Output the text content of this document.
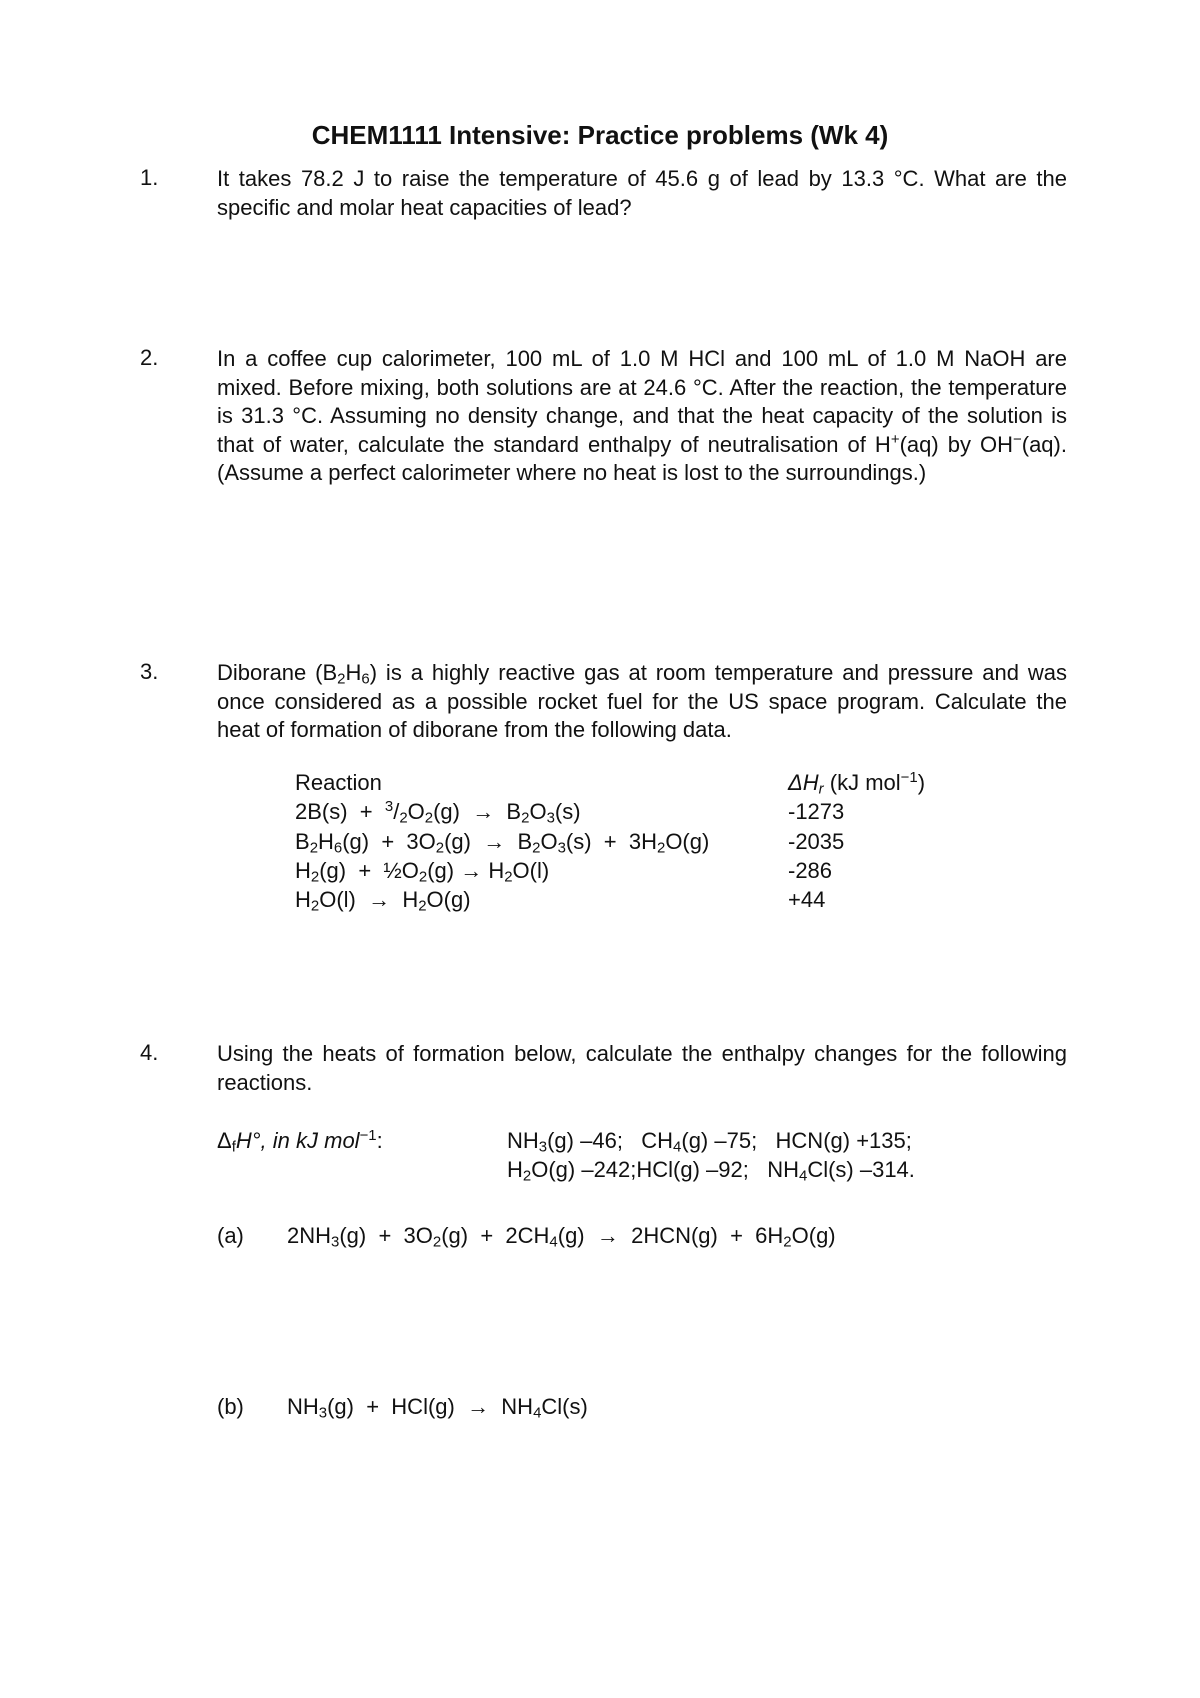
CHEM1111 Intensive: Practice problems (Wk 4)
1.	It takes 78.2 J to raise the temperature of 45.6 g of lead by 13.3 °C. What are the specific and molar heat capacities of lead?
2.	In a coffee cup calorimeter, 100 mL of 1.0 M HCl and 100 mL of 1.0 M NaOH are mixed. Before mixing, both solutions are at 24.6 °C. After the reaction, the temperature is 31.3 °C. Assuming no density change, and that the heat capacity of the solution is that of water, calculate the standard enthalpy of neutralisation of H+(aq) by OH−(aq). (Assume a perfect calorimeter where no heat is lost to the surroundings.)
3.	Diborane $(B_2H_6)$ is a highly reactive gas at room temperature and pressure and was once considered as a possible rocket fuel for the US space program. Calculate the heat of formation of diborane from the following data.
Reaction	$\Delta H_r$ (kJ mol$^{-1}$)
$2B(s) + ^3/_2O_2(g) \to B_2O_3(s)$	-1273
$B_2H_6(g) + 3O_2(g) \to B_2O_3(s) + 3H_2O(g)$	-2035
$H_2(g)$  +  $\frac{1}{2}O_2(g) \to H_2O(l)$	-286
$H_2O(l) \to H_2O(g)$	+44
4.	Using the heats of formation below, calculate the enthalpy changes for the following reactions.
$\Delta_fH^\circ$, in kJ mol$^{-1}$:	$NH_3(g)$ –46;   $CH_4(g)$ –75;   HCN(g) +135;
$H_2O(g)$ –242;HCl(g) –92;   $NH_4Cl(s)$ –314.
(a) $2NH_3(g) + 3O_2(g) + 2CH_4(g) \to 2HCN(g) + 6H_2O(g)$
(b) $NH_3(g) + HCl(g) \to NH_4Cl(s)$
